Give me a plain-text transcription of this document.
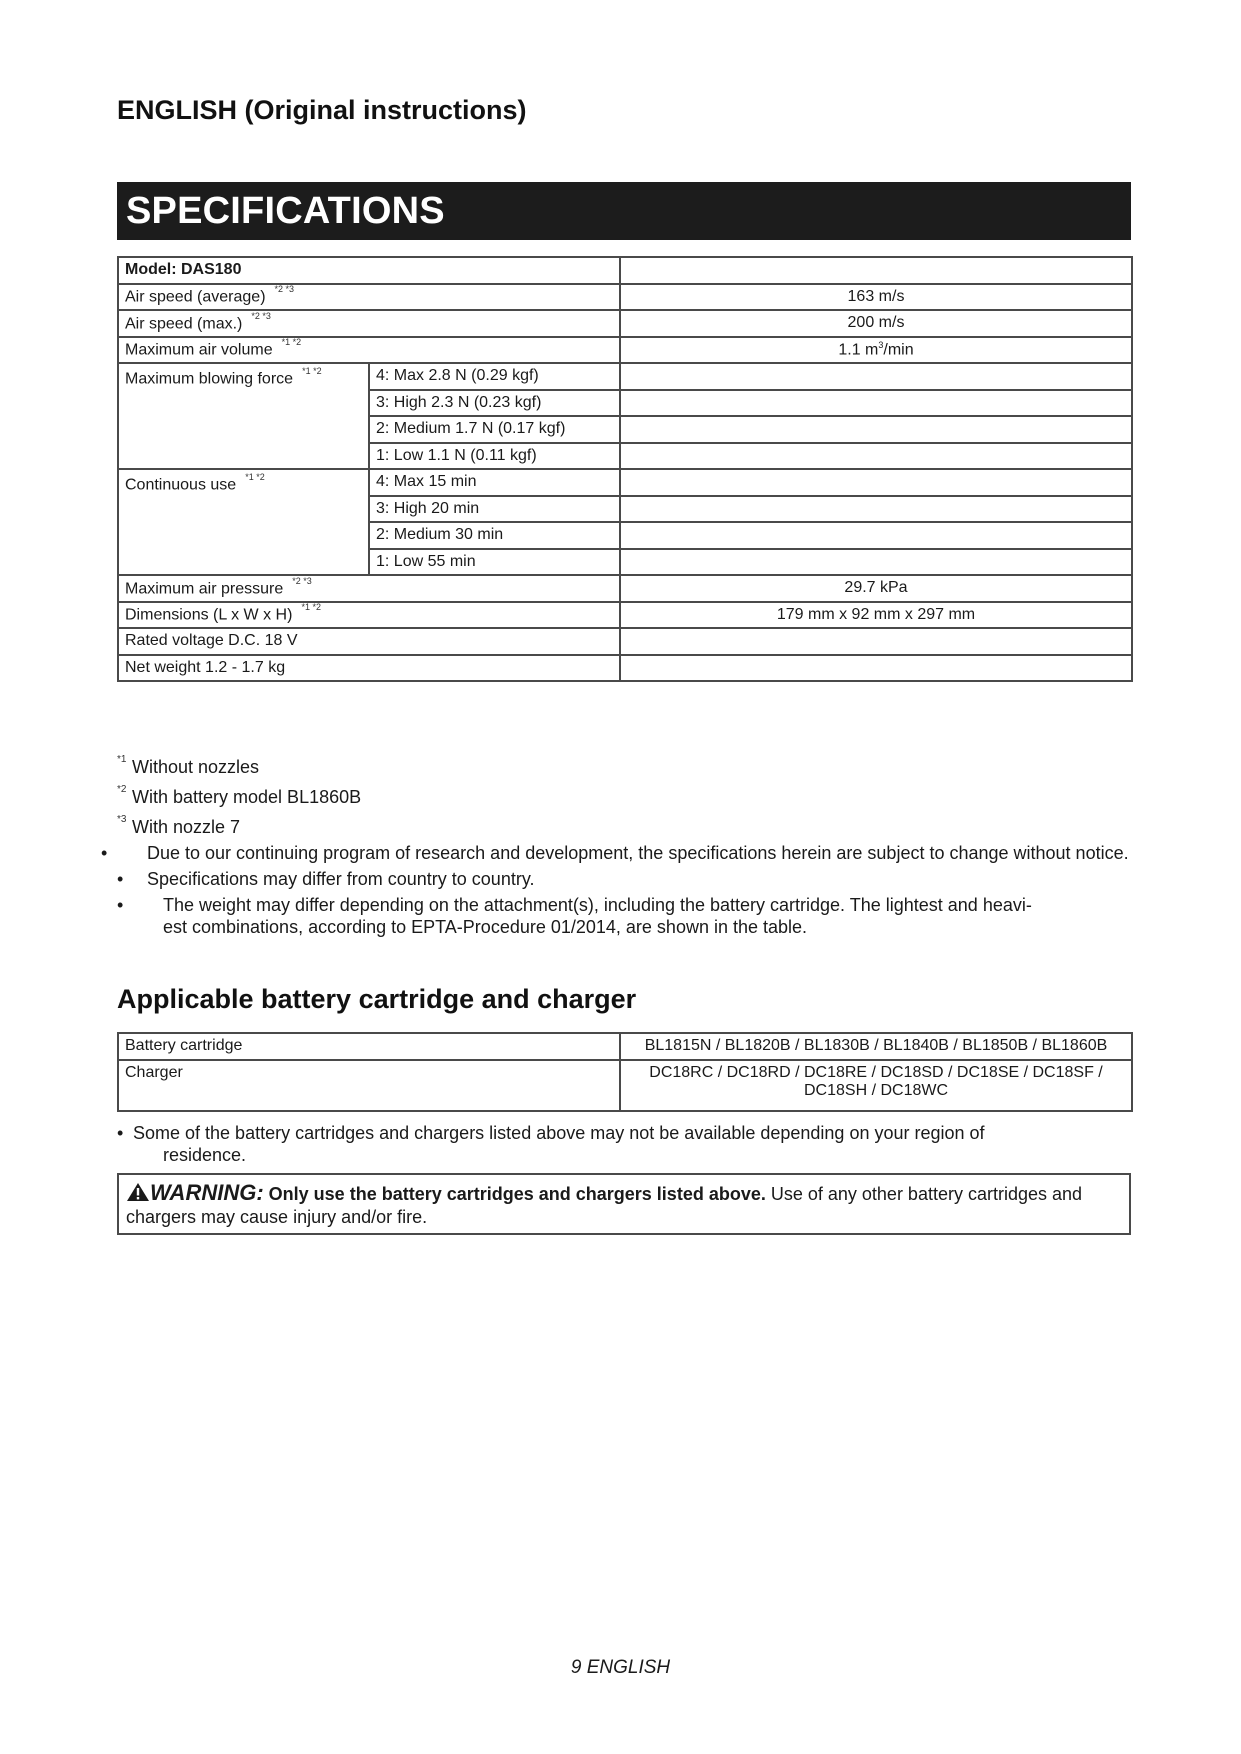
ENGLISH (Original instructions)
SPECIFICATIONS
Model: DAS180		
Air speed (average) $^{*2 *3}$		163 m/s
Air speed (max.) $^{*2 *3}$		200 m/s
Maximum air volume $^{*1 *2}$		1.1 $m^3/\min$
Maximum blowing force $^{*1 *2}$	4: Max 2.8 N (0.29 kgf)	
	3: High 2.3 N (0.23 kgf)	
	2: Medium 1.7 N (0.17 kgf)	
	1: Low 1.1 N (0.11 kgf)	
Continuous use $^{*1 *2}$	4: Max 15 min	
	3: High 20 min	
	2: Medium 30 min	
	1: Low 55 min	
Maximum air pressure $^{*2 *3}$		29.7 kPa
Dimensions (L x W x H) $^{*1 *2}$		179 mm x 92 mm x 297 mm
Rated voltage D.C. 18 V		
Net weight 1.2 - 1.7 kg		
*1 Without nozzles
*2 With battery model BL1860B
*3 With nozzle 7
•	Due to our continuing program of research and development, the specifications herein are subject to change without notice.
• Specifications may differ from country to country.
• The weight may differ depending on the attachment(s), including the battery cartridge. The lightest and heavi-
est combinations, according to EPTA-Procedure 01/2014, are shown in the table.
Applicable battery cartridge and charger
Battery cartridge	BL1815N / BL1820B / BL1830B / BL1840B / BL1850B / BL1860B
Charger	DC18RC / DC18RD / DC18RE / DC18SD / DC18SE / DC18SF /
DC18SH / DC18WC
• Some of the battery cartridges and chargers listed above may not be available depending on your region of
residence.
WARNING: Only use the battery cartridges and chargers listed above. Use of any other battery cartridges and chargers may cause injury and/or fire.
9 ENGLISH
